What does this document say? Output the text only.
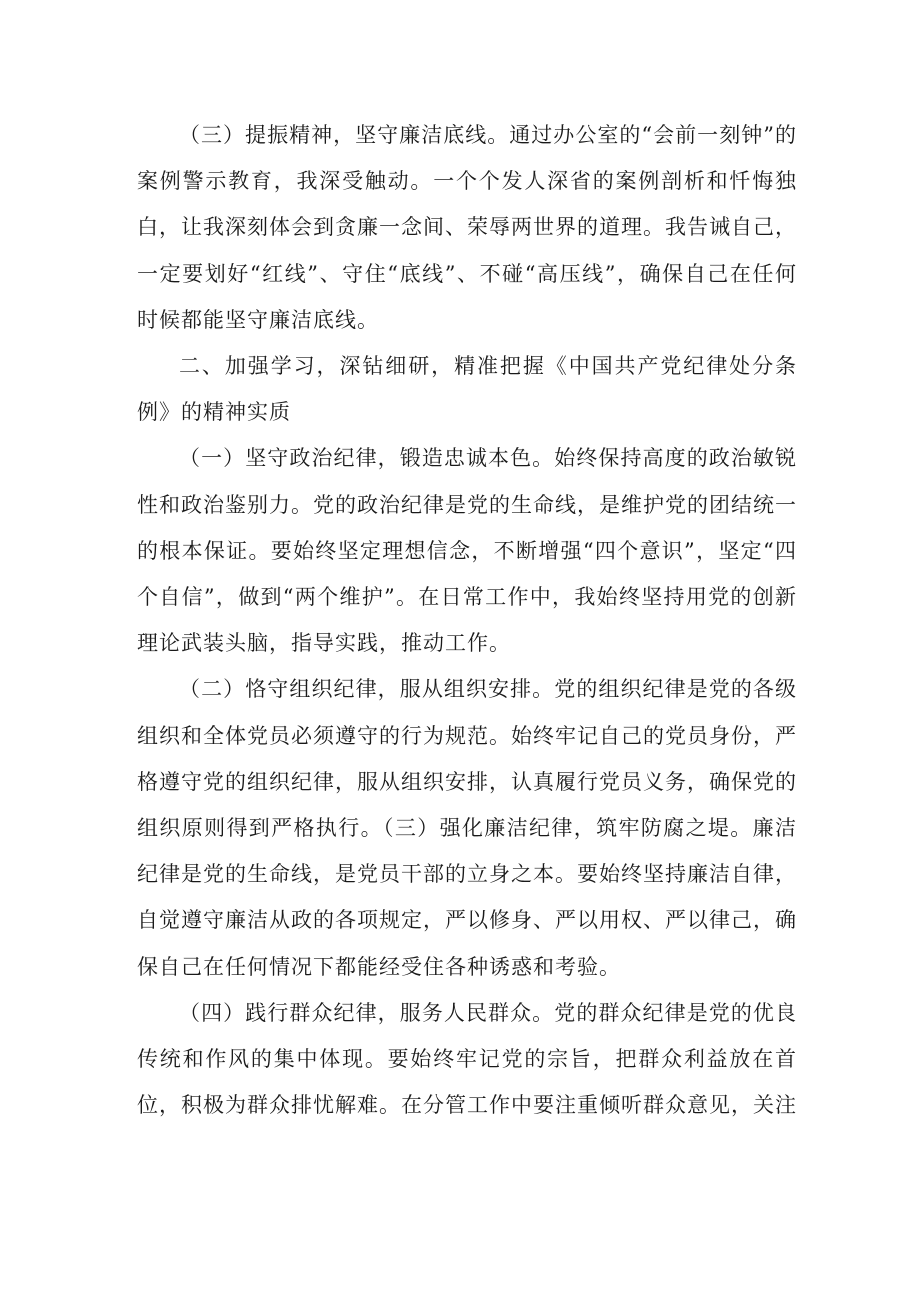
（三）提振精神，坚守廉洁底线。通过办公室的“会前一刻钟”的案例警示教育，我深受触动。一个个发人深省的案例剖析和忏悔独白，让我深刻体会到贪廉一念间、荣辱两世界的道理。我告诫自己，一定要划好“红线”、守住“底线”、不碰“高压线”，确保自己在任何时候都能坚守廉洁底线。

二、加强学习，深钻细研，精准把握《中国共产党纪律处分条例》的精神实质

（一）坚守政治纪律，锻造忠诚本色。始终保持高度的政治敏锐性和政治鉴别力。党的政治纪律是党的生命线，是维护党的团结统一的根本保证。要始终坚定理想信念，不断增强“四个意识”，坚定“四个自信”，做到“两个维护”。在日常工作中，我始终坚持用党的创新理论武装头脑，指导实践，推动工作。

（二）恪守组织纪律，服从组织安排。党的组织纪律是党的各级组织和全体党员必须遵守的行为规范。始终牢记自己的党员身份，严格遵守党的组织纪律，服从组织安排，认真履行党员义务，确保党的组织原则得到严格执行。（三）强化廉洁纪律，筑牢防腐之堤。廉洁纪律是党的生命线，是党员干部的立身之本。要始终坚持廉洁自律，自觉遵守廉洁从政的各项规定，严以修身、严以用权、严以律己，确保自己在任何情况下都能经受住各种诱惑和考验。

（四）践行群众纪律，服务人民群众。党的群众纪律是党的优良传统和作风的集中体现。要始终牢记党的宗旨，把群众利益放在首位，积极为群众排忧解难。在分管工作中要注重倾听群众意见，关注
